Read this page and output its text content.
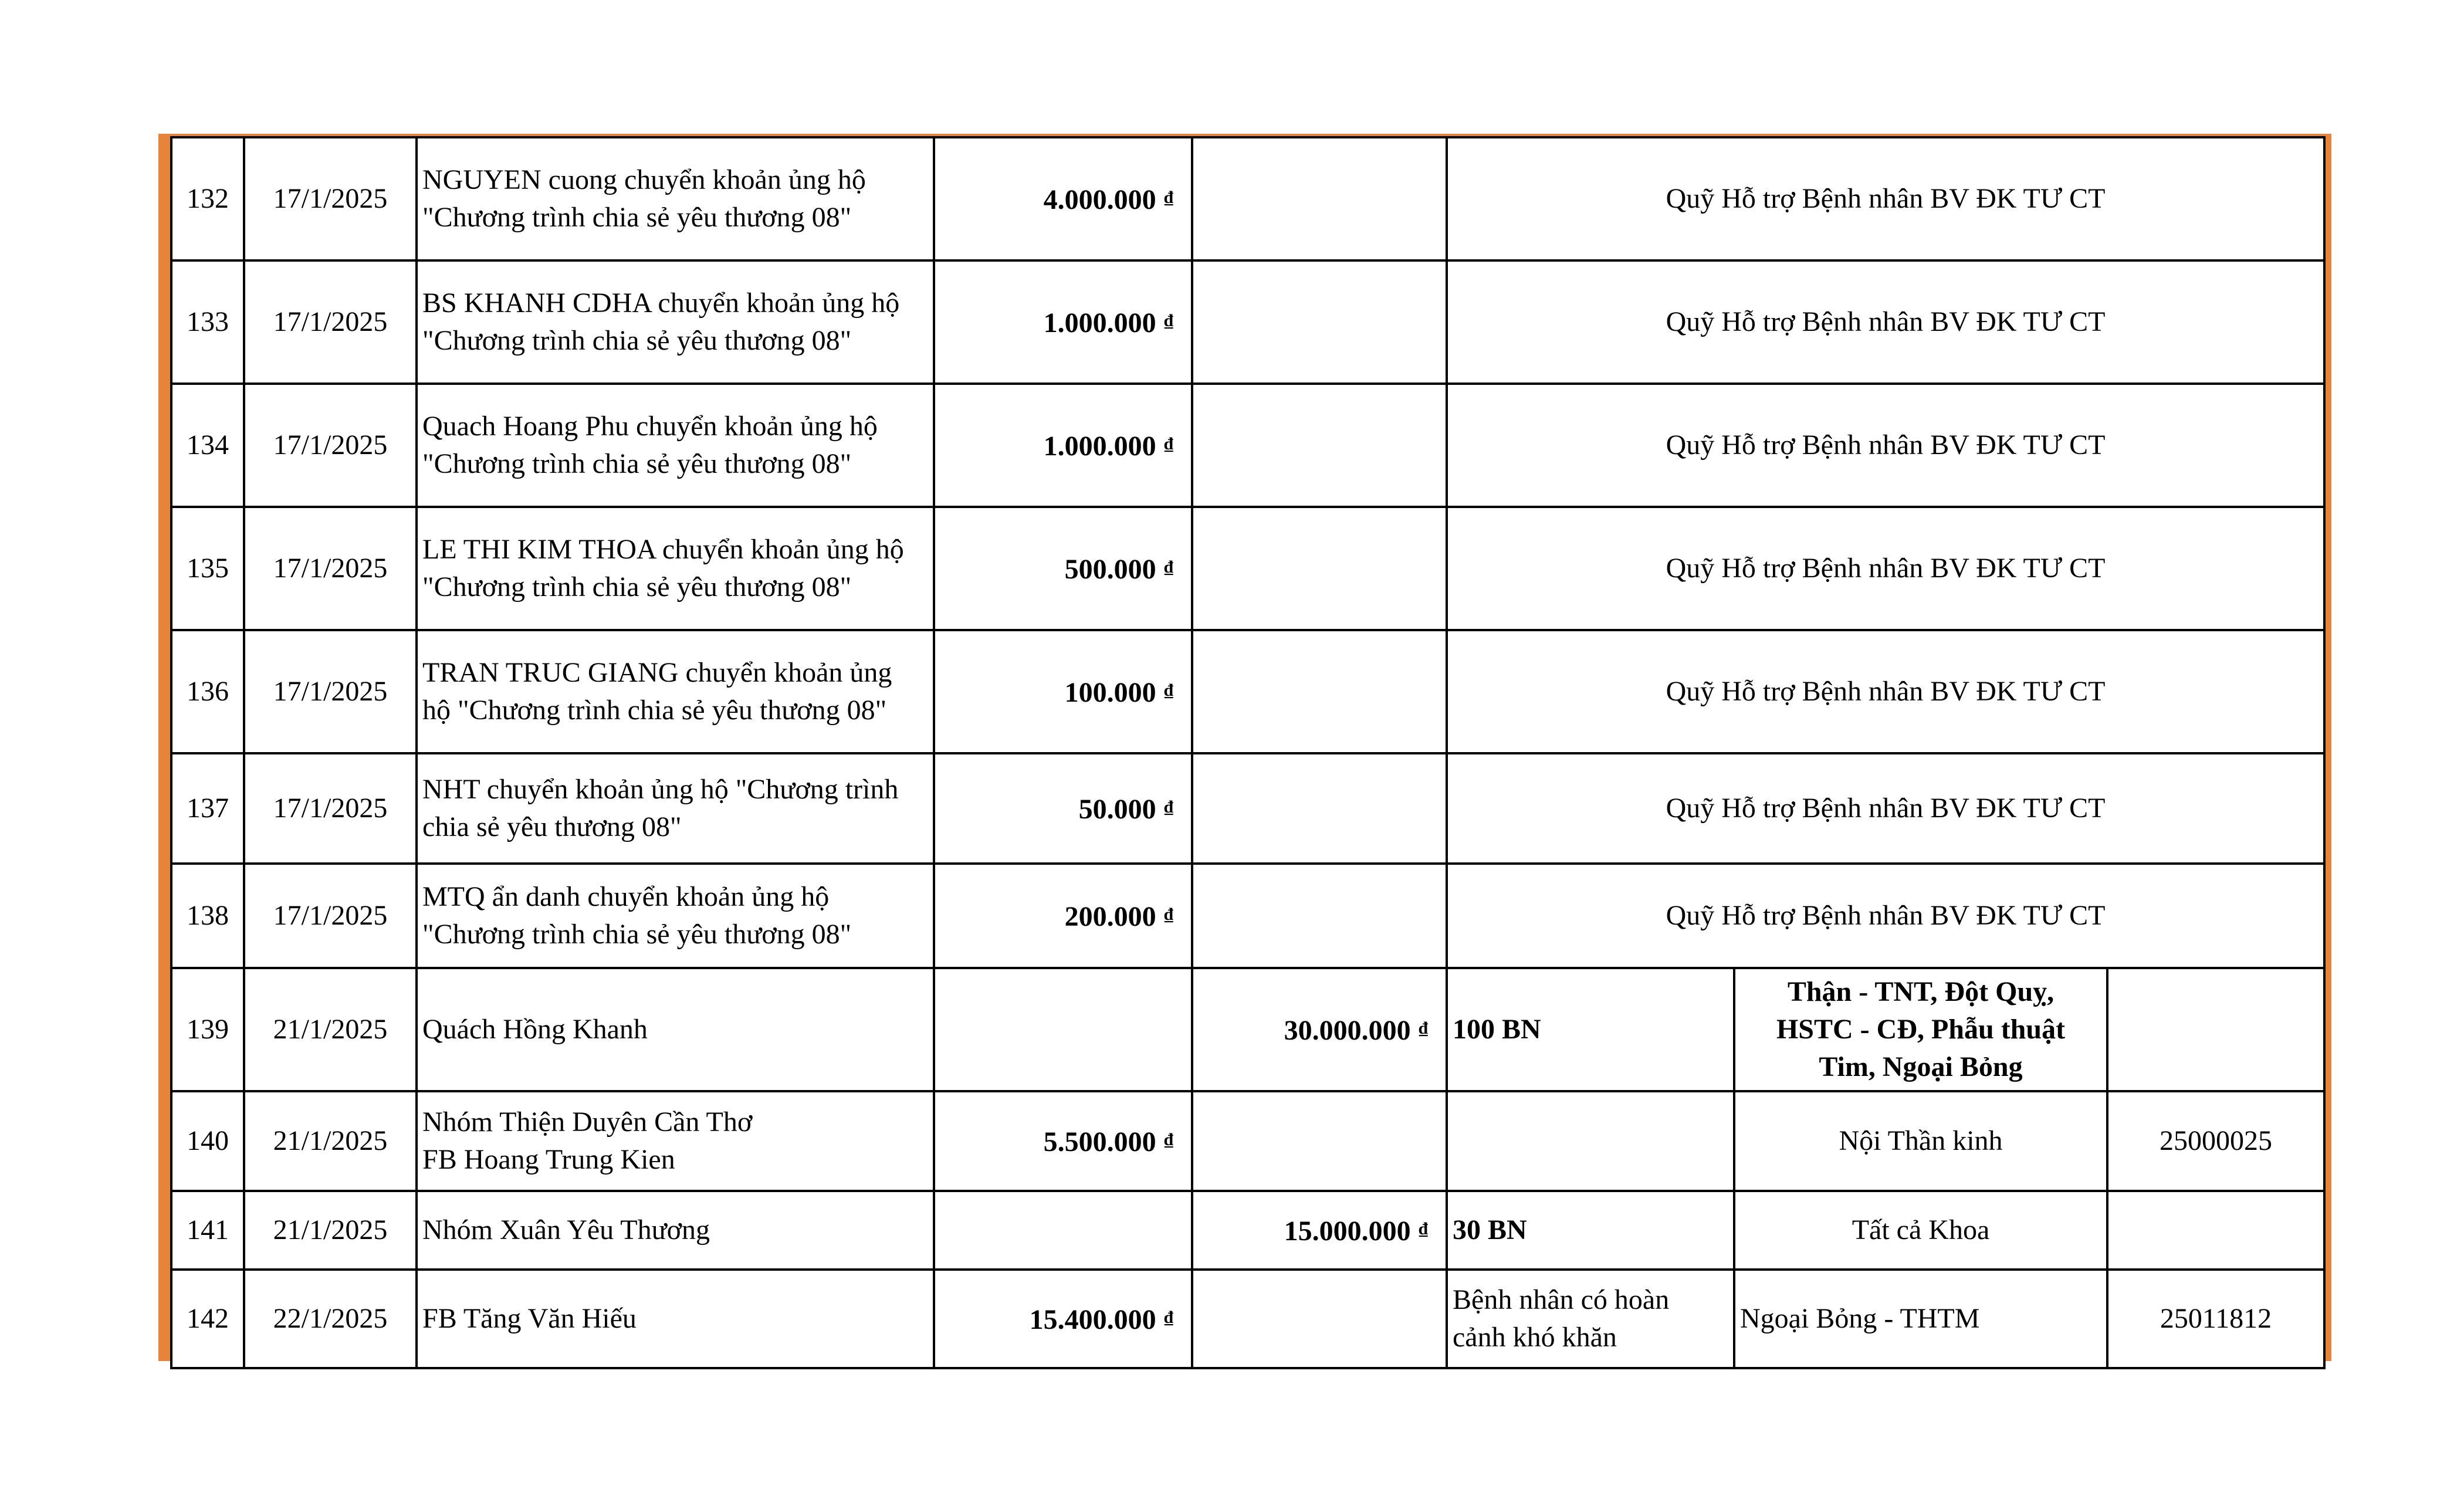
132	17/1/2025	NGUYEN cuong chuyển khoản ủng hộ
"Chương trình chia sẻ yêu thương 08"	4.000.000 ₫		Quỹ Hỗ trợ Bệnh nhân BV ĐK TƯ CT		
133	17/1/2025	BS KHANH CDHA chuyển khoản ủng hộ
"Chương trình chia sẻ yêu thương 08"	1.000.000 ₫		Quỹ Hỗ trợ Bệnh nhân BV ĐK TƯ CT		
134	17/1/2025	Quach Hoang Phu chuyển khoản ủng hộ
"Chương trình chia sẻ yêu thương 08"	1.000.000 ₫		Quỹ Hỗ trợ Bệnh nhân BV ĐK TƯ CT		
135	17/1/2025	LE THI KIM THOA chuyển khoản ủng hộ
"Chương trình chia sẻ yêu thương 08"	500.000 ₫		Quỹ Hỗ trợ Bệnh nhân BV ĐK TƯ CT		
136	17/1/2025	TRAN TRUC GIANG chuyển khoản ủng
hộ "Chương trình chia sẻ yêu thương 08"	100.000 ₫		Quỹ Hỗ trợ Bệnh nhân BV ĐK TƯ CT		
137	17/1/2025	NHT chuyển khoản ủng hộ "Chương trình
chia sẻ yêu thương 08"	50.000 ₫		Quỹ Hỗ trợ Bệnh nhân BV ĐK TƯ CT		
138	17/1/2025	MTQ ẩn danh chuyển khoản ủng hộ
"Chương trình chia sẻ yêu thương 08"	200.000 ₫		Quỹ Hỗ trợ Bệnh nhân BV ĐK TƯ CT		
139	21/1/2025	Quách Hồng Khanh		30.000.000 ₫	100 BN	Thận - TNT, Đột Quỵ,
HSTC - CĐ, Phẫu thuật
Tim, Ngoại Bỏng	

140	21/1/2025	Nhóm Thiện Duyên Cần Thơ
FB Hoang Trung Kien	5.500.000 ₫			Nội Thần kinh	25000025
141	21/1/2025	Nhóm Xuân Yêu Thương		15.000.000 ₫	30 BN	Tất cả Khoa	

142	22/1/2025	FB Tăng Văn Hiếu	15.400.000 ₫		Bệnh nhân có hoàn cảnh khó khăn	Ngoại Bỏng - THTM	25011812
